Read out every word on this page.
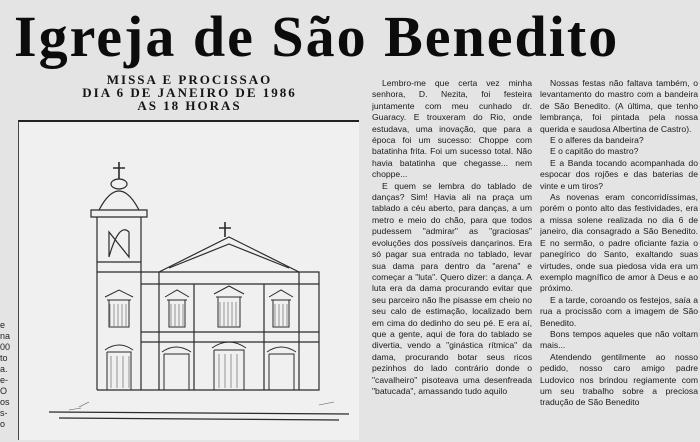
Igreja de São Benedito
MISSA E PROCISSAO
DIA 6 DE JANEIRO DE 1986
AS 18 HORAS
e
na
00
to
a.
e-
O
os
s-
o

Lembro-me que certa vez minha senhora, D. Nezita, foi festeira juntamente com meu cunhado dr. Guaracy. E trouxeram do Rio, onde estudava, uma inovação, que para a época foi um sucesso: Choppe com batatinha frita. Foi um sucesso total. Não havia batatinha que chegasse... nem choppe...

E quem se lembra do tablado de danças? Sim! Havia ali na praça um tablado a céu aberto, para danças, a um metro e meio do chão, para que todos pudessem "admirar" as "graciosas" evoluções dos possíveis dançarinos. Era só pagar sua entrada no tablado, levar sua dama para dentro da "arena" e começar a "luta". Quero dizer: a dança. A luta era da dama procurando evitar que seu parceiro não lhe pisasse em cheio no seu calo de estimação, localizado bem em cima do dedinho do seu pé. E era aí, que a gente, aqui de fora do tablado se divertia, vendo a "ginástica rítmica" da dama, procurando botar seus ricos pezinhos do lado contrário donde o "cavalheiro" pisoteava uma desenfreada "batucada", amassando tudo aquilo

Nossas festas não faltava também, o levantamento do mastro com a bandeira de São Benedito. (A última, que tenho lembrança, foi pintada pela nossa querida e saudosa Albertina de Castro).

E o alferes da bandeira?

E o capitão do mastro?

E a Banda tocando acompanhada do espocar dos rojões e das baterias de vinte e um tiros?

As novenas eram concorridíssimas, porém o ponto alto das festividades, era a missa solene realizada no dia 6 de janeiro, dia consagrado a São Benedito. E no sermão, o padre oficiante fazia o panegírico do Santo, exaltando suas virtudes, onde sua piedosa vida era um exemplo magnífico de amor à Deus e ao próximo.

E a tarde, coroando os festejos, saía a rua a procissão com a imagem de São Benedito.

Bons tempos aqueles que não voltam mais...

Atendendo gentilmente ao nosso pedido, nosso caro amigo padre Ludovico nos brindou regiamente com um seu trabalho sobre a preciosa tradução de São Benedito
